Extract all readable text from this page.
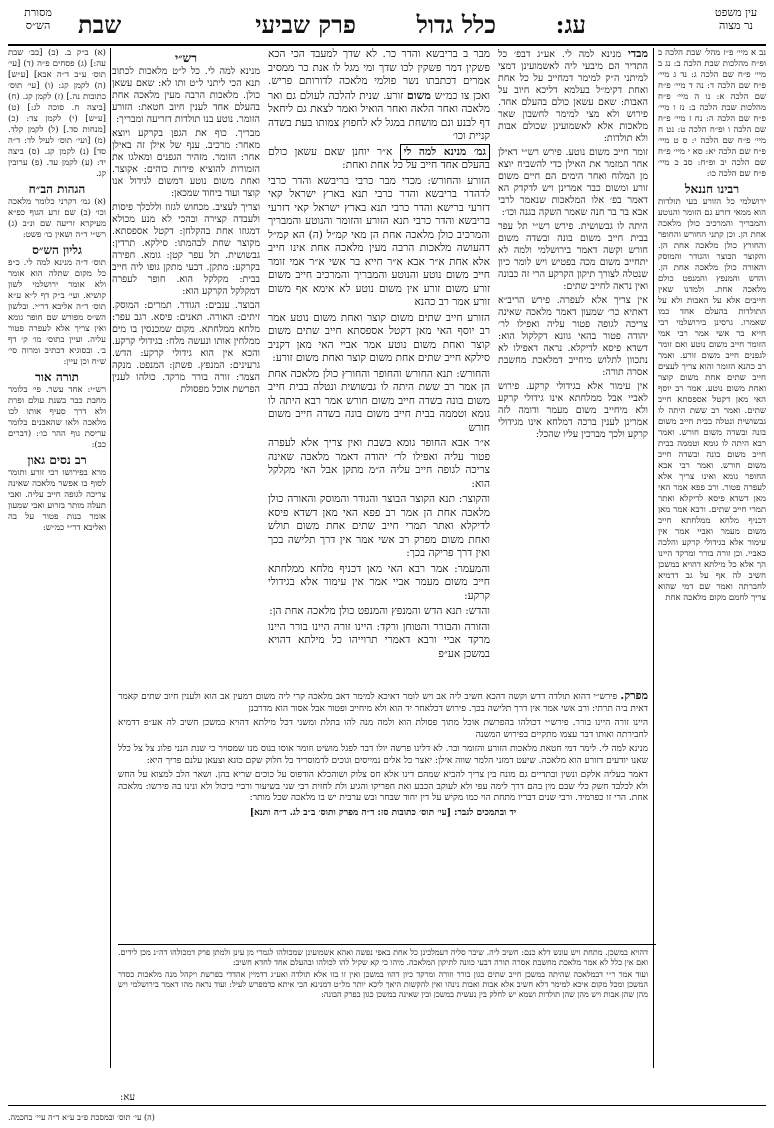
עין משפט
נר מצוה
עג:
כלל גדול
פרק שביעי
שבת
מסורת
הש״ס

נב א מיי׳ פ״ז מהל׳ שבת הלכה ב ופ״ח מהלכות שבת הלכה ב: נג ב מיי׳ פ״ח שם הלכה ג: נד ג מיי׳ פ״ח שם הלכה ד: נה ד מיי׳ פ״ח שם הלכה א: נו ה מיי׳ פ״ח מהלכות שבת הלכה ב: נז ו מיי׳ פ״ח שם הלכה ה: נח ז מיי׳ פ״ח שם הלכה ו ופ״ח הלכה ט: נט ח מיי׳ פ״ח שם הלכה י: ס ט מיי׳ פ״ח שם הלכה יא: סא י מיי׳ פ״ח שם הלכה יב ופ״ח: סב כ מיי׳ פ״ח שם הלכה כו:

רבינו חננאל

ירושלמי כל הזורע בעי תולדות הוא ממאי דזרע גם הזומר והנוטע והמבריך והמרכיב כולן מלאכה אחת הן. וכן קתני החורש והחופר והחורץ כולן מלאכה אחת הן. והקוצר הבוצר והגודר והמוסק והאורה כולן מלאכה אחת הן. והדש והמנפץ והמנפט כולם מלאכה אחת. ולמדנו שאין חייבים אלא על האבות ולא על התולדות בהעלם אחד כמו שאמרו. גרסינן בירושלמי רבי חייא בר אשי אמר רבי אמי הזומר חייב משום נוטע ואם זומר לגפנים חייב משום זורע. ואמר רב כהנא הזומר והוא צריך לעצים חייב שתים אחת משום קוצר ואחת משום נוטע. אמר רב יוסף האי מאן דקטל אספסתא חייב שתים. ואמר רב ששת היתה לו גבשושית ונטלה בבית חייב משום בונה ובשדה משום חורש. ואמר רבא היתה לו גומא וטממה בבית חייב משום בונה ובשדה חייב משום חורש. ואמר רבי אבא החופר גומא ואינו צריך אלא לעפרה פטור. ורב פפא אמר האי מאן דשדא פיסא לדיקלא ואתר תמרי חייב שתים. ורבא אמר מאן דכניף מלחא ממלחתא חייב משום מעמר ואביי אמר אין עימור אלא בגידולי קרקע והלכה כאביי. וכן זורה בורר ומרקד היינו הך אלא כל מילתא דהויא במשכן חשיב לה אף על גב דדמיא לחברתה ואמר שם דמי שהוא צריך לחמם מקום מלאכה אחת

מבדי מנינא למה לי. אע״ג דבפ׳ כל התדיר הם מיבעי ליה לאשמועינן דמצי למיתני ה״ק למימר דמחייב על כל אחת ואחת דקימ״ל בעלמא דליכא חיוב על האבות: שאם עשאן כולם בהעלם אחד. פירוש ולא מצי למימר לחשבון שאר מלאכות אלא לאשמועינן שכולם אבות ולא תולדות:

זומר חייב משום נוטע. פירש רש״י דאילן אחר המזמר את האילן כדי להשביח יוצא מן המלוח ואחר הימים הם חיים משום זורע ומשום כבר אמרינן ויש לדקדק הא דאמר בפ׳ אלו המלאכות שנאמר לרבי אבא בר בר חנה שאמר השקה בגנה וכו׳:

היתה לו גבשושית. פירש רש״י תל עפר בבית חייב משום בונה ובשדה משום חורש וקשה דאמר בירושלמי ולמה לא יתחייב משום מכה בפטיש ויש לומר כיון שנטלה לצורך תיקון הקרקע הרי זה כבונה ואין נראה לחייב שתים:

אין צריך אלא לעפרה. פירש הריב״א דאתיא כר׳ שמעון דאמר מלאכה שאינה צריכה לגופה פטור עליה ואפילו לר׳ יהודה פטור בהאי גוונא דקלקול הוא: דשדא פיסא לדיקלא. נראה דאפילו לא נתכוון לתלוש מיחייב דמלאכת מחשבת אסרה תורה:

אין עימור אלא בגידולי קרקע. פירוש לאביי אבל ממלחתא אינו גידולי קרקע ולא מיחייב משום מעמר ודומה לזה אמרינן לענין ברכה דמלחא אינו מגידולי קרקע ולכך מברכין עליו שהכל:

מבר ב בריבשא והדר כר. לא שדך למעבד הכי הכא פשקין דמר פשקין לכו שדך ומי מגל לו אנת כר ממסיב אמרים דכתבתו נשר פולמי מלאכה לדורותם פריש. ואכן צו כמ״ש משום זורע. שנית להלכה לעולם גם ואר מלאכה ואחר הלאה ואחר הואיל ואמר לצאת גם ליחאל דף לבנע ונם מושחת במגל לא לחפוץ צמותו בעת בשדה קניית וכו׳

גמ׳ מנינא למה לי א״ר יוחנן שאם עשאן כולם בהעלם אחד חייב על כל אחת ואחת:

הזורע והחורש: מכדי מבר כרבי בריבשא והדר כרבי לדהדר בריבשא והדר כרבי תנא בארץ ישראל קאי דזרעי ברישא והדר כרבי תנא בארץ ישראל קאי דזרעי בריבשא והדר כרבי תנא הזורע והזומר והנוטע והמבריך והמרכיב כולן מלאכה אחת הן מאי קמ״ל (ה) הא קמ״ל דהעושה מלאכות הרבה מעין מלאכה אחת אינו חייב אלא אחת א״ר אבא א״ר חייא בר אשי א״ר אמי זומר חייב משום נוטע והנוטע והמבריך והמרכיב חייב משום זורע משום זורע אין משום נוטע לא אימא אף משום זורע אמר רב כהנא

הזורע חייב שתים משום קוצר ואחת משום נוטע אמר רב יוסף האי מאן דקטל אספסתא חייב שתים משום קוצר ואחת משום נוטע אמר אביי האי מאן דקניב סילקא חייב שתים אחת משום קוצר ואחת משום זורע:

והחורש: תנא החורש והחופר והחורץ כולן מלאכה אחת הן אמר רב ששת היתה לו גבשושית ונטלה בבית חייב משום בונה בשדה חייב משום חורש אמר רבא היתה לו גומא וטממה בבית חייב משום בונה בשדה חייב משום חורש

א״ר אבא החופר גומא בשבת ואין צריך אלא לעפרה פטור עליה ואפילו לר׳ יהודה דאמר מלאכה שאינה צריכה לגופה חייב עליה ה״מ מתקן אבל האי מקלקל הוא:

והקוצר: תנא הקוצר הבוצר והגודר והמוסק והאורה כולן מלאכה אחת הן אמר רב פפא האי מאן דשדא פיסא לדיקלא ואתר תמרי חייב שתים אחת משום תולש ואחת משום מפרק רב אשי אמר אין דרך תלישה בכך ואין דרך פריקה בכך:

והמעמר: אמר רבא האי מאן דכניף מלחא ממלחתא חייב משום מעמר אביי אמר אין עימור אלא בגידולי קרקע:

והדש: תנא הדש והמנפץ והמנפט כולן מלאכה אחת הן:

והזורה והבורר והטוחן ורקד: היינו זורה היינו בורר היינו מרקד אביי ורבא דאמרי תרוייהו כל מילתא דהויא במשכן אע״פ

רש״י

מנינא למה לי. כל ל״ט מלאכות לכתוב תנא הכי ליתני ל״ט ותו לא: שאם עשאן כולן. מלאכות הרבה מעין מלאכה אחת בהעלם אחד לענין חיוב חטאת: הזורע הזומר. נוטע בנו תולדות דזריעה ומבריך:

מבריך. כוף את הגפן בקרקע ויוצא מאחר: מרכיב. ענף של אילן זה באילן אחר: הזומר. מזהיר הגפנים ומאלגו את הזמורות להוציא פירות כוהים: אקוצר. ואחת משום נוטע דמשום לגידול אנו קוצר ועוד ביחוד שמכאן:

וצריך לעציב. מכחוש לגזוז וללכלך פיסות ולעבדה קצירה ובהכי לא מנע מכולא דמגוזו אחת בהקלחן: דקטל אספסתא. מקוצר שחת לבהמתו: סילקא. תרדין: גבשושית. תל עפר קטן: גומא. חפירה בקרקע: מתקן. דבעי מתקן גופו ליה חייב בבית: מקלקל הוא. חופר לעפרה דמקלקל הקרקע הוא:

הבוצר. ענבים: הגודר. תמרים: המוסק. זיתים: האורה. תאנים: פיסא. רגב עפר: מלחא ממלחתא. מקום שמכנסין בו מים ממלחין אותו ונעשה מלח: בגידולי קרקע. והכא אין הוא גידולי קרקע: הדש. גרעינים: המנפץ. פשתן: המנפט. מנקה הצמר: זורה בורר מרקד. כולהו לענין הפרשת אוכל מפסולת

(א) ב״ק ב. (ב) [בב׳ שבת עה:] (ג) פסחים פ״ה (ד) [עי׳ תוס׳ ע״ב ד״ה אבא] [ע״ש] (ה) לקמן קג: (ו) [עי׳ תוס׳ כתובות נה.] (ז) לקמן קג. (ח) [ביצה ח. סוכה לג:] (ט) [ע״ש] (י) לקמן צד: (כ) [מנחות סד.] (ל) לקמן קלד. (מ) [ועי׳ תוס׳ לעיל לד: ד״ה סד] (נ) לקמן קג. (ס) ביצה יד: (ע) לקמן עד. (פ) ערובין קג.

הגהות הב״ח

(א) גמ׳ דקרני כלומר מלאכה וכו׳ (ב) שם זרע הגוף כפ״א מעיקרא זריעה שם ונ״ב (ג) רש״י ד״ה ושאין כו׳ פשט:

גליון הש״ס

תוס׳ ד״ה מנינא למה לי. כ״פ כל מקום שתלה הוא אומר ולא אומר ירושלמי לשון קושיא. ועי׳ ב״ק דף ל״א ע״א תוס׳ ד״ה אליבא דר״י. ובלשון הש״ס מפורש שם חופר גומא ואין צריך אלא לעפרה פטור עליה. ועיין בתוס׳ מו׳ ק׳ דף ב׳. ובסוגיא דכתיב ומרוה סי׳ ש״ח וכן עיין:

תורה אור

רש״י: אחד עשר. פי׳ בלומר מחבת כבר בשנת עולם ופרת ולא דרך סעיף אותו לכו מלאכה ולאו שהאבנים בלומר עריסת גוף ההר כו׳: (דברים כב):

רב נסים גאון

מרא בפירושו רבי זורע ותומר לסוף בו אפשר מלאכה שאינה צריכה לגופה חייב עליה. ואבי תעלה מותר בזרוע ואבי שמעון אומר בנות פטור על בה ואליבא דר״י כמ״ש:

מפרק. פירש״י דהוא תולדה דדש וקשה דהכא חשיב ליה אב ויש לומר דאיכא למימר דאב מלאכה קרי ליה משום דמעין אב הוא ולענין חיוב שתים קאמר דאית ביה תרתי: ורב אשי אמר אין דרך תלישה בכך. פירוש דכלאחר יד הוא ולא מיחייב ופטור אבל אסור הוא מדרבנן

היינו זורה היינו בורר. פירש״י דכולהו בהפרשת אוכל מתוך פסולת הוא ולמה מנה להו בתלת ומשני דכל מילתא דהויא במשכן חשיב לה אע״פ דדמיא לחבירתה ואותו דבר עצמו מתקיים בפירוש המשנה

מנינא למה לי. לימר דמי חטאת מלאכות הזורע והזומר ובר. לא דלינו פרשה יולו דבר לפגל מושיט וזומר אוסו בנוס מנו שמסויר כי שנת הנני פלונ צל צל כלל שאנו יודעים דזורע הוא מלאכה. שיעט דמזני הלמר שווה אילן: יאצר כל אלים נמייסים וגוכים לדמוסריד בל חלוק שקם כוגא וצעאן עלנם פריך היא:

דאמר בעליה אלקם ונשין ובתדיים גם מונח בין צריך להביא שמהם דינו אלא חס צלוק ושוהכלא הודפוס על כוכים שריא בהן. ושאר הלב למצוא על החש ולא לכלבד חשק כלי שבם מין בהם דרך לימה עפי ולא לעוקב הכבע ואת חפריקו והגיע ולת לחזית רבי שני בשיעור ורביי ביכול ולא ונינו בה פירשו: מלאכה אחת. הרי זו כפרמיד. ורבי שנים דבריו מתחת הוי כמו מקיש על דין יחוד שבחר ובש ערבית יש בו מלאכה שכל מותר:

יד ובתמכים לגבר: [עי׳ תוס׳ כתובות סז: ד״ה מפרק ותוס׳ ב״ב לג. ד״ה ותנא]

דהויא במשכן. מתחת ויש עונש דלא כנם: חשיב ליה. שיבר סליה דעמלכינן כל אחת באפי נפשה ואהא אשמועינן שמכולהו לגמרי מן עינן ולמתן פרק דמכולהו דה״נ מכן לידים. ואם אין כלל לא אמר מלאכת מחשבת אסרה תורה דבעי כוונה לתיקון המלאכה. מיהו כי קא שקיל להו לכולהו ובהעלם אחד לחדא חשיב:

ועוד אמר ר״י דבמלאכה שהיתה במשכן חייב שתים כגון בורר וזורה ומרקד כיון דהוו במשכן ואין זו בזו אלא תולדה ואע״ג דדמיין אהדדי בפרשת ויקהל מנה מלאכות כסדר המשכן ומכל מקום איכא למימר דלא חשיב אלא אבות ואבות נינהו ואין להקשות היאך ליכא יותר מל״ט דמנינא הכי איתא כדמפרש לעיל: ועוד נראה מהו דאמר בירושלמי ויש מהן שהן אבות ויש מהן שהן תולדות ושמא יש לחלק בין נעשית במשכן ובין שאינה במשכן כגון בפרק הבונה:

עא:
(ה) עי׳ תוס׳ ובמסכת פ״ב ע״א ד״ה עיי׳ בחכמה.
